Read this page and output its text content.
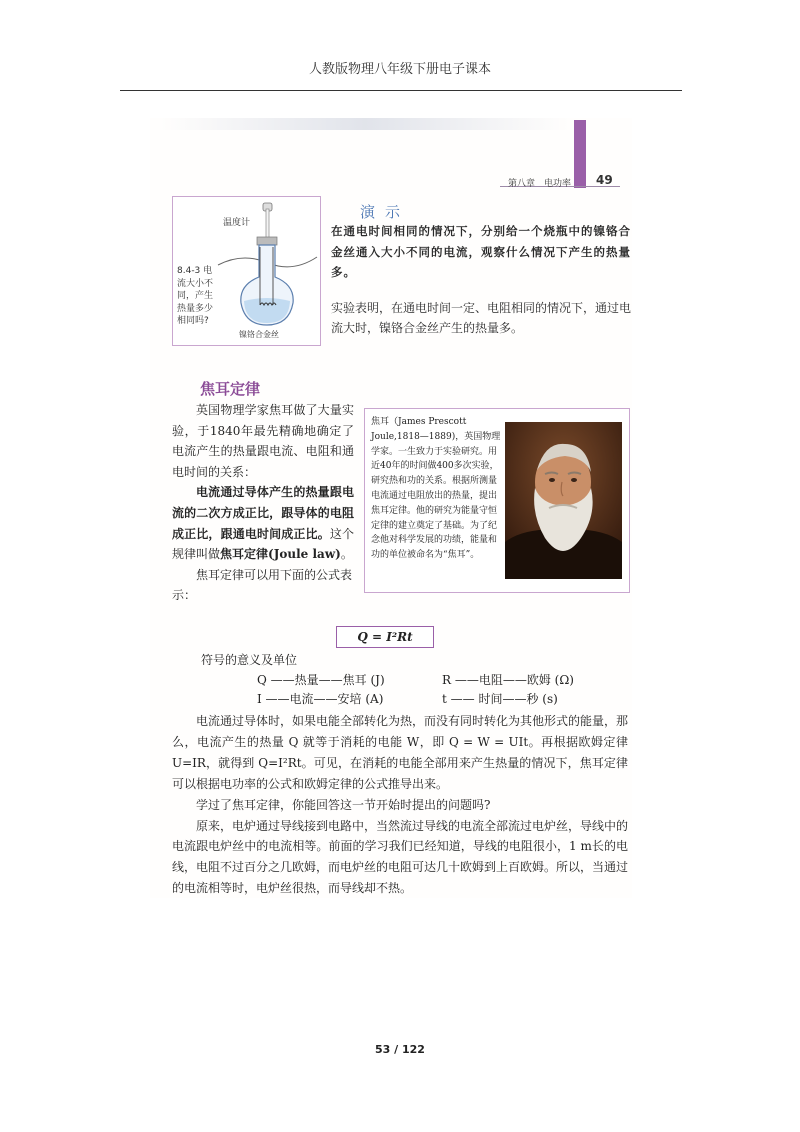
人教版物理八年级下册电子课本
第八章　电功率 49
温度计
8.4-3 电
流大小不
同，产生
热量多少
相同吗?
镍铬合金丝
演示
在通电时间相同的情况下，分别给一个烧瓶中的镍铬合金丝通入大小不同的电流，观察什么情况下产生的热量多。
实验表明，在通电时间一定、电阻相同的情况下，通过电流大时，镍铬合金丝产生的热量多。
焦耳定律
英国物理学家焦耳做了大量实验，于1840年最先精确地确定了电流产生的热量跟电流、电阻和通电时间的关系：
电流通过导体产生的热量跟电流的二次方成正比，跟导体的电阻成正比，跟通电时间成正比。这个规律叫做焦耳定律(Joule law)。
焦耳定律可以用下面的公式表示：
焦耳（James Prescott Joule,1818—1889)，英国物理学家。一生致力于实验研究。用近40年的时间做400多次实验，研究热和功的关系。根据所测量电流通过电阻放出的热量，提出焦耳定律。他的研究为能量守恒定律的建立奠定了基础。为了纪念他对科学发展的功绩，能量和功的单位被命名为“焦耳”。
Q = I²Rt
符号的意义及单位
Q ——热量——焦耳 (J)	R ——电阻——欧姆 (Ω)
I ——电流——安培 (A)	t —— 时间——秒 (s)

电流通过导体时，如果电能全部转化为热，而没有同时转化为其他形式的能量，那么，电流产生的热量 Q 就等于消耗的电能 W，即 Q = W = UIt。再根据欧姆定律 U=IR，就得到 Q=I²Rt。可见，在消耗的电能全部用来产生热量的情况下，焦耳定律可以根据电功率的公式和欧姆定律的公式推导出来。

学过了焦耳定律，你能回答这一节开始时提出的问题吗?

原来，电炉通过导线接到电路中，当然流过导线的电流全部流过电炉丝，导线中的电流跟电炉丝中的电流相等。前面的学习我们已经知道，导线的电阻很小，1 m长的电线，电阻不过百分之几欧姆，而电炉丝的电阻可达几十欧姆到上百欧姆。所以，当通过的电流相等时，电炉丝很热，而导线却不热。

53 / 122
